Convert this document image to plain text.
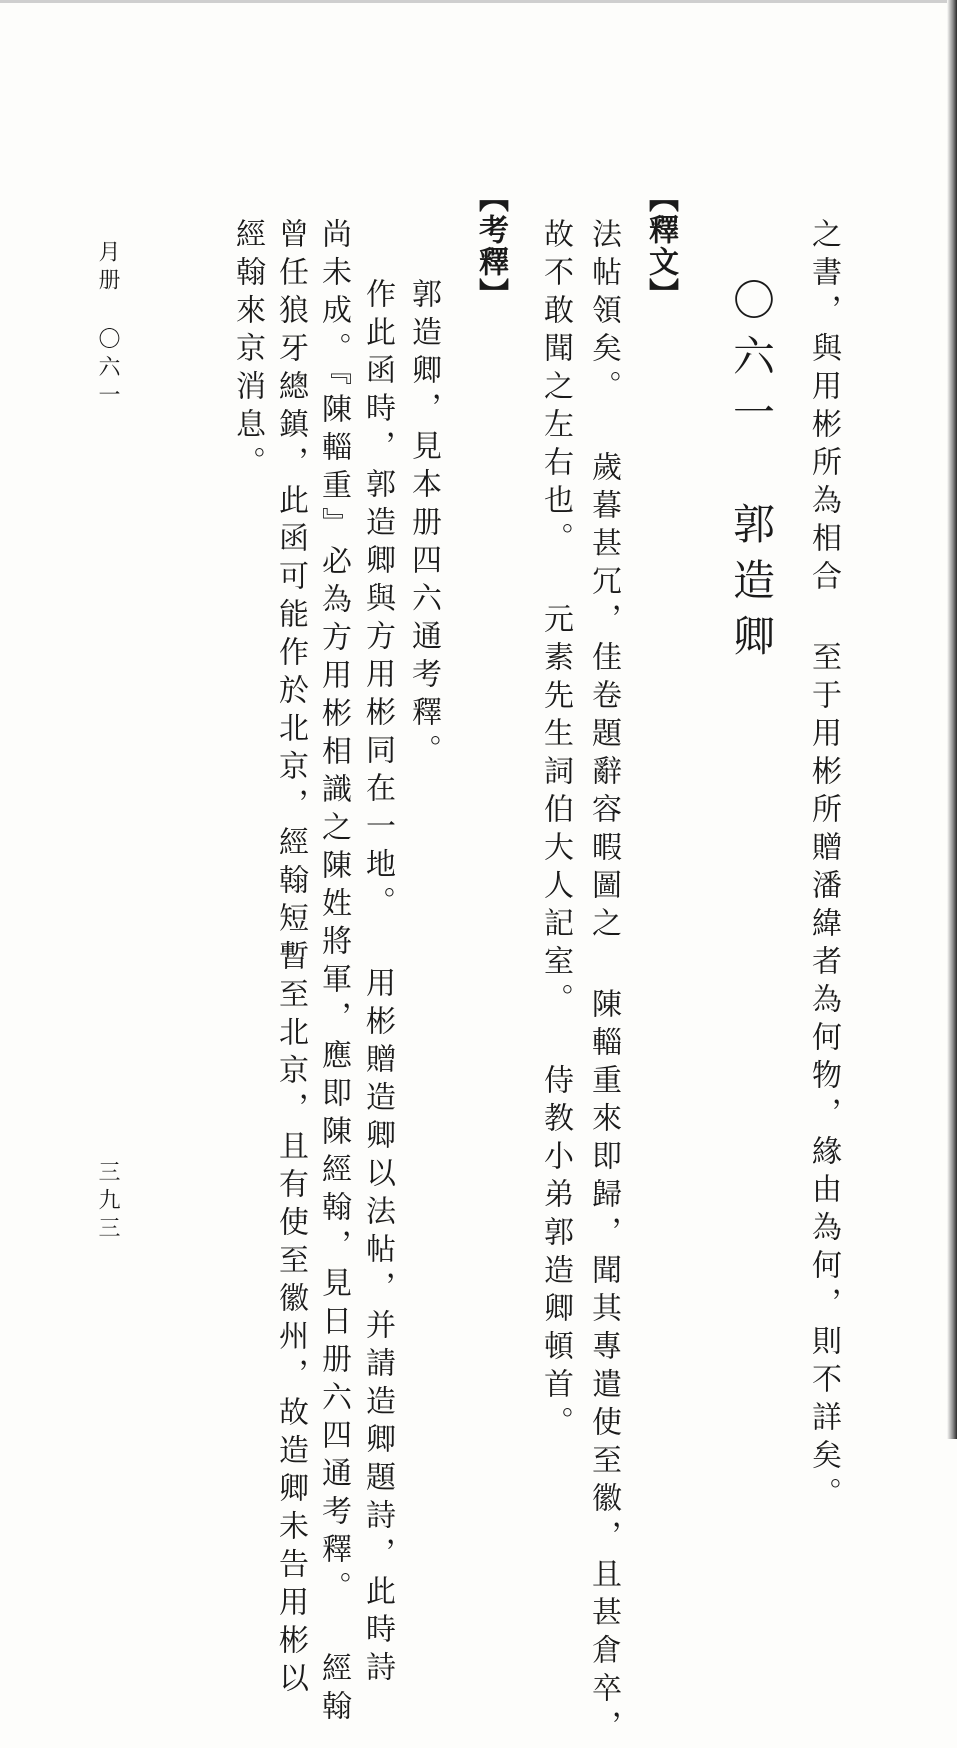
之書，與用彬所為相合 至于用彬所贈潘緯者為何物，緣由為何，則不詳矣。
〇六一　郭造卿
【釋文】
法帖領矣。 歲暮甚冗，佳卷題辭容暇圖之 陳輜重來即歸，聞其專遣使至徽，且甚倉卒，
故不敢聞之左右也。 元素先生詞伯大人記室。 侍教小弟郭造卿頓首。
【考釋】
郭造卿，見本册四六通考釋。
作此函時，郭造卿與方用彬同在一地。 用彬贈造卿以法帖，并請造卿題詩，此時詩
尚未成。『陳輜重』必為方用彬相識之陳姓將軍，應即陳經翰，見日册六四通考釋。 經翰
曾任狼牙總鎮，此函可能作於北京，經翰短暫至北京，且有使至徽州，故造卿未告用彬以
經翰來京消息。
月册 〇六一
三九三
